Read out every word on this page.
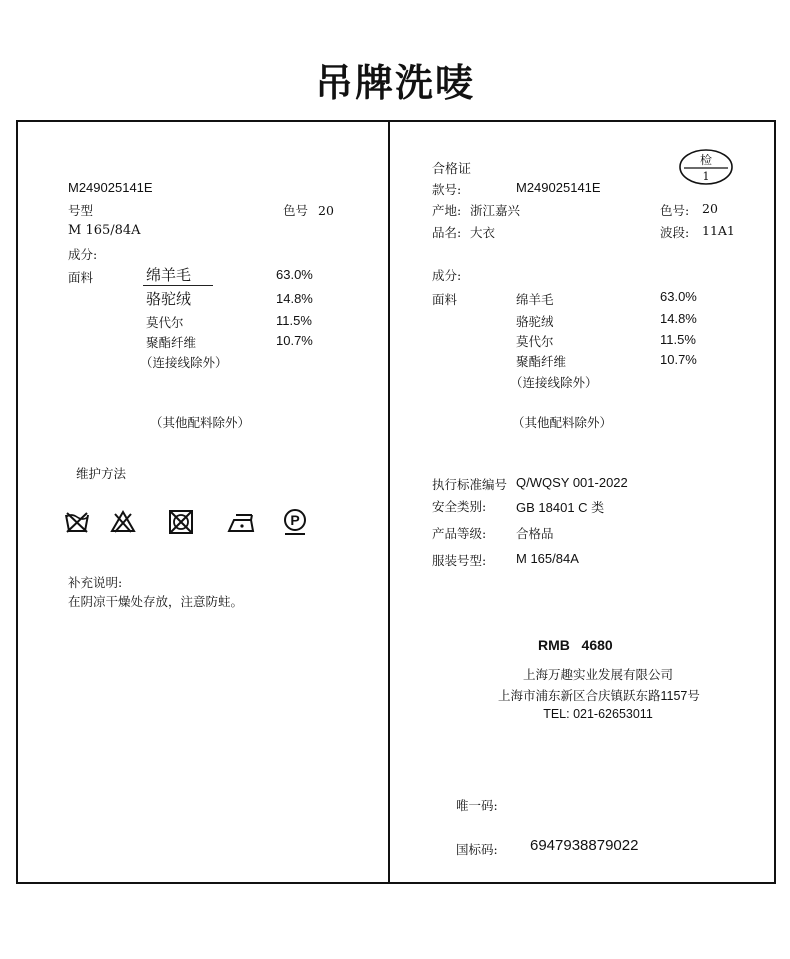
吊牌洗唛
M249025141E
号型	色号 20
M 165/84A
成分:
面料	绵羊毛	63.0%
骆驼绒	14.8%
莫代尔	11.5%
聚酯纤维	10.7%
（连接线除外）
（其他配料除外）
维护方法
P
补充说明:
在阴凉干燥处存放，注意防蛀。
合格证
检
1
款号:	M249025141E
产地: 浙江嘉兴	色号: 20
品名: 大衣	波段: 11A1
成分:
面料	绵羊毛	63.0%
骆驼绒	14.8%
莫代尔	11.5%
聚酯纤维	10.7%
（连接线除外）
（其他配料除外）
执行标准编号 Q/WQSY 001-2022
安全类别: GB 18401 C 类
产品等级: 合格品
服装号型: M 165/84A
RMB   4680
上海万趣实业发展有限公司
上海市浦东新区合庆镇跃东路1157号
TEL: 021-62653011
唯一码:
国标码: 6947938879022
